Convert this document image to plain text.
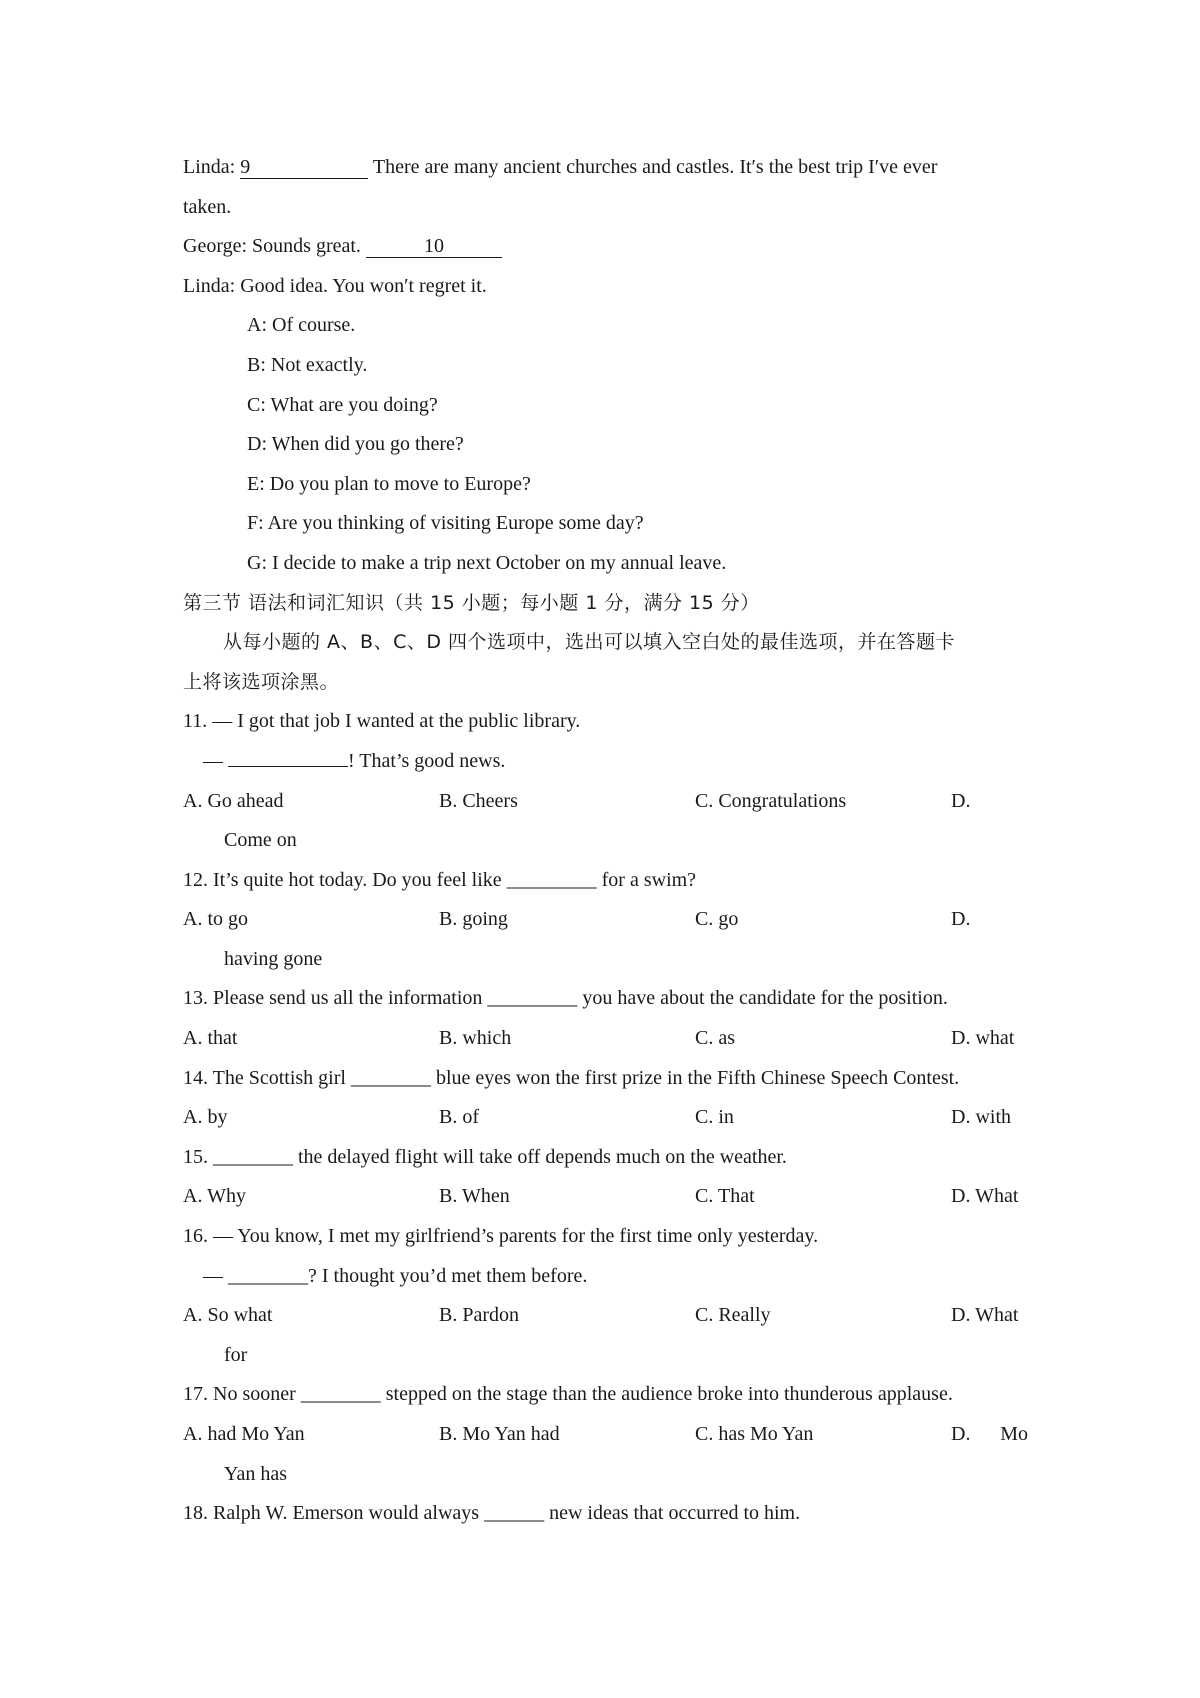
Linda: 9	There are many ancient churches and castles. It′s the best trip I′ve ever
taken.
George: Sounds great.	10
Linda: Good idea. You won′t regret it.
A: Of course.
B: Not exactly.
C: What are you doing?
D: When did you go there?
E: Do you plan to move to Europe?
F: Are you thinking of visiting Europe some day?
G: I decide to make a trip next October on my annual leave.
第三节 语法和词汇知识（共 15 小题；每小题 1 分，满分 15 分）
从每小题的 A、B、C、D 四个选项中，选出可以填入空白处的最佳选项，并在答题卡
上将该选项涂黑。
11. — I got that job I wanted at the public library.
—	! That’s good news.
A. Go ahead	B. Cheers	C. Congratulations	D.
Come on
12. It’s quite hot today. Do you feel like _________ for a swim?
A. to go	B. going	C. go	D.
having gone
13. Please send us all the information _________ you have about the candidate for the position.
A. that	B. which	C. as	D. what
14. The Scottish girl ________ blue eyes won the first prize in the Fifth Chinese Speech Contest.
A. by	B. of	C. in	D. with
15. ________ the delayed flight will take off depends much on the weather.
A. Why	B. When	C. That	D. What
16. — You know, I met my girlfriend’s parents for the first time only yesterday.
— ________? I thought you’d met them before.
A. So what	B. Pardon	C. Really	D. What
for
17. No sooner ________ stepped on the stage than the audience broke into thunderous applause.
A. had Mo Yan	B. Mo Yan had	C. has Mo Yan	D. Mo
Yan has
18. Ralph W. Emerson would always ______ new ideas that occurred to him.
